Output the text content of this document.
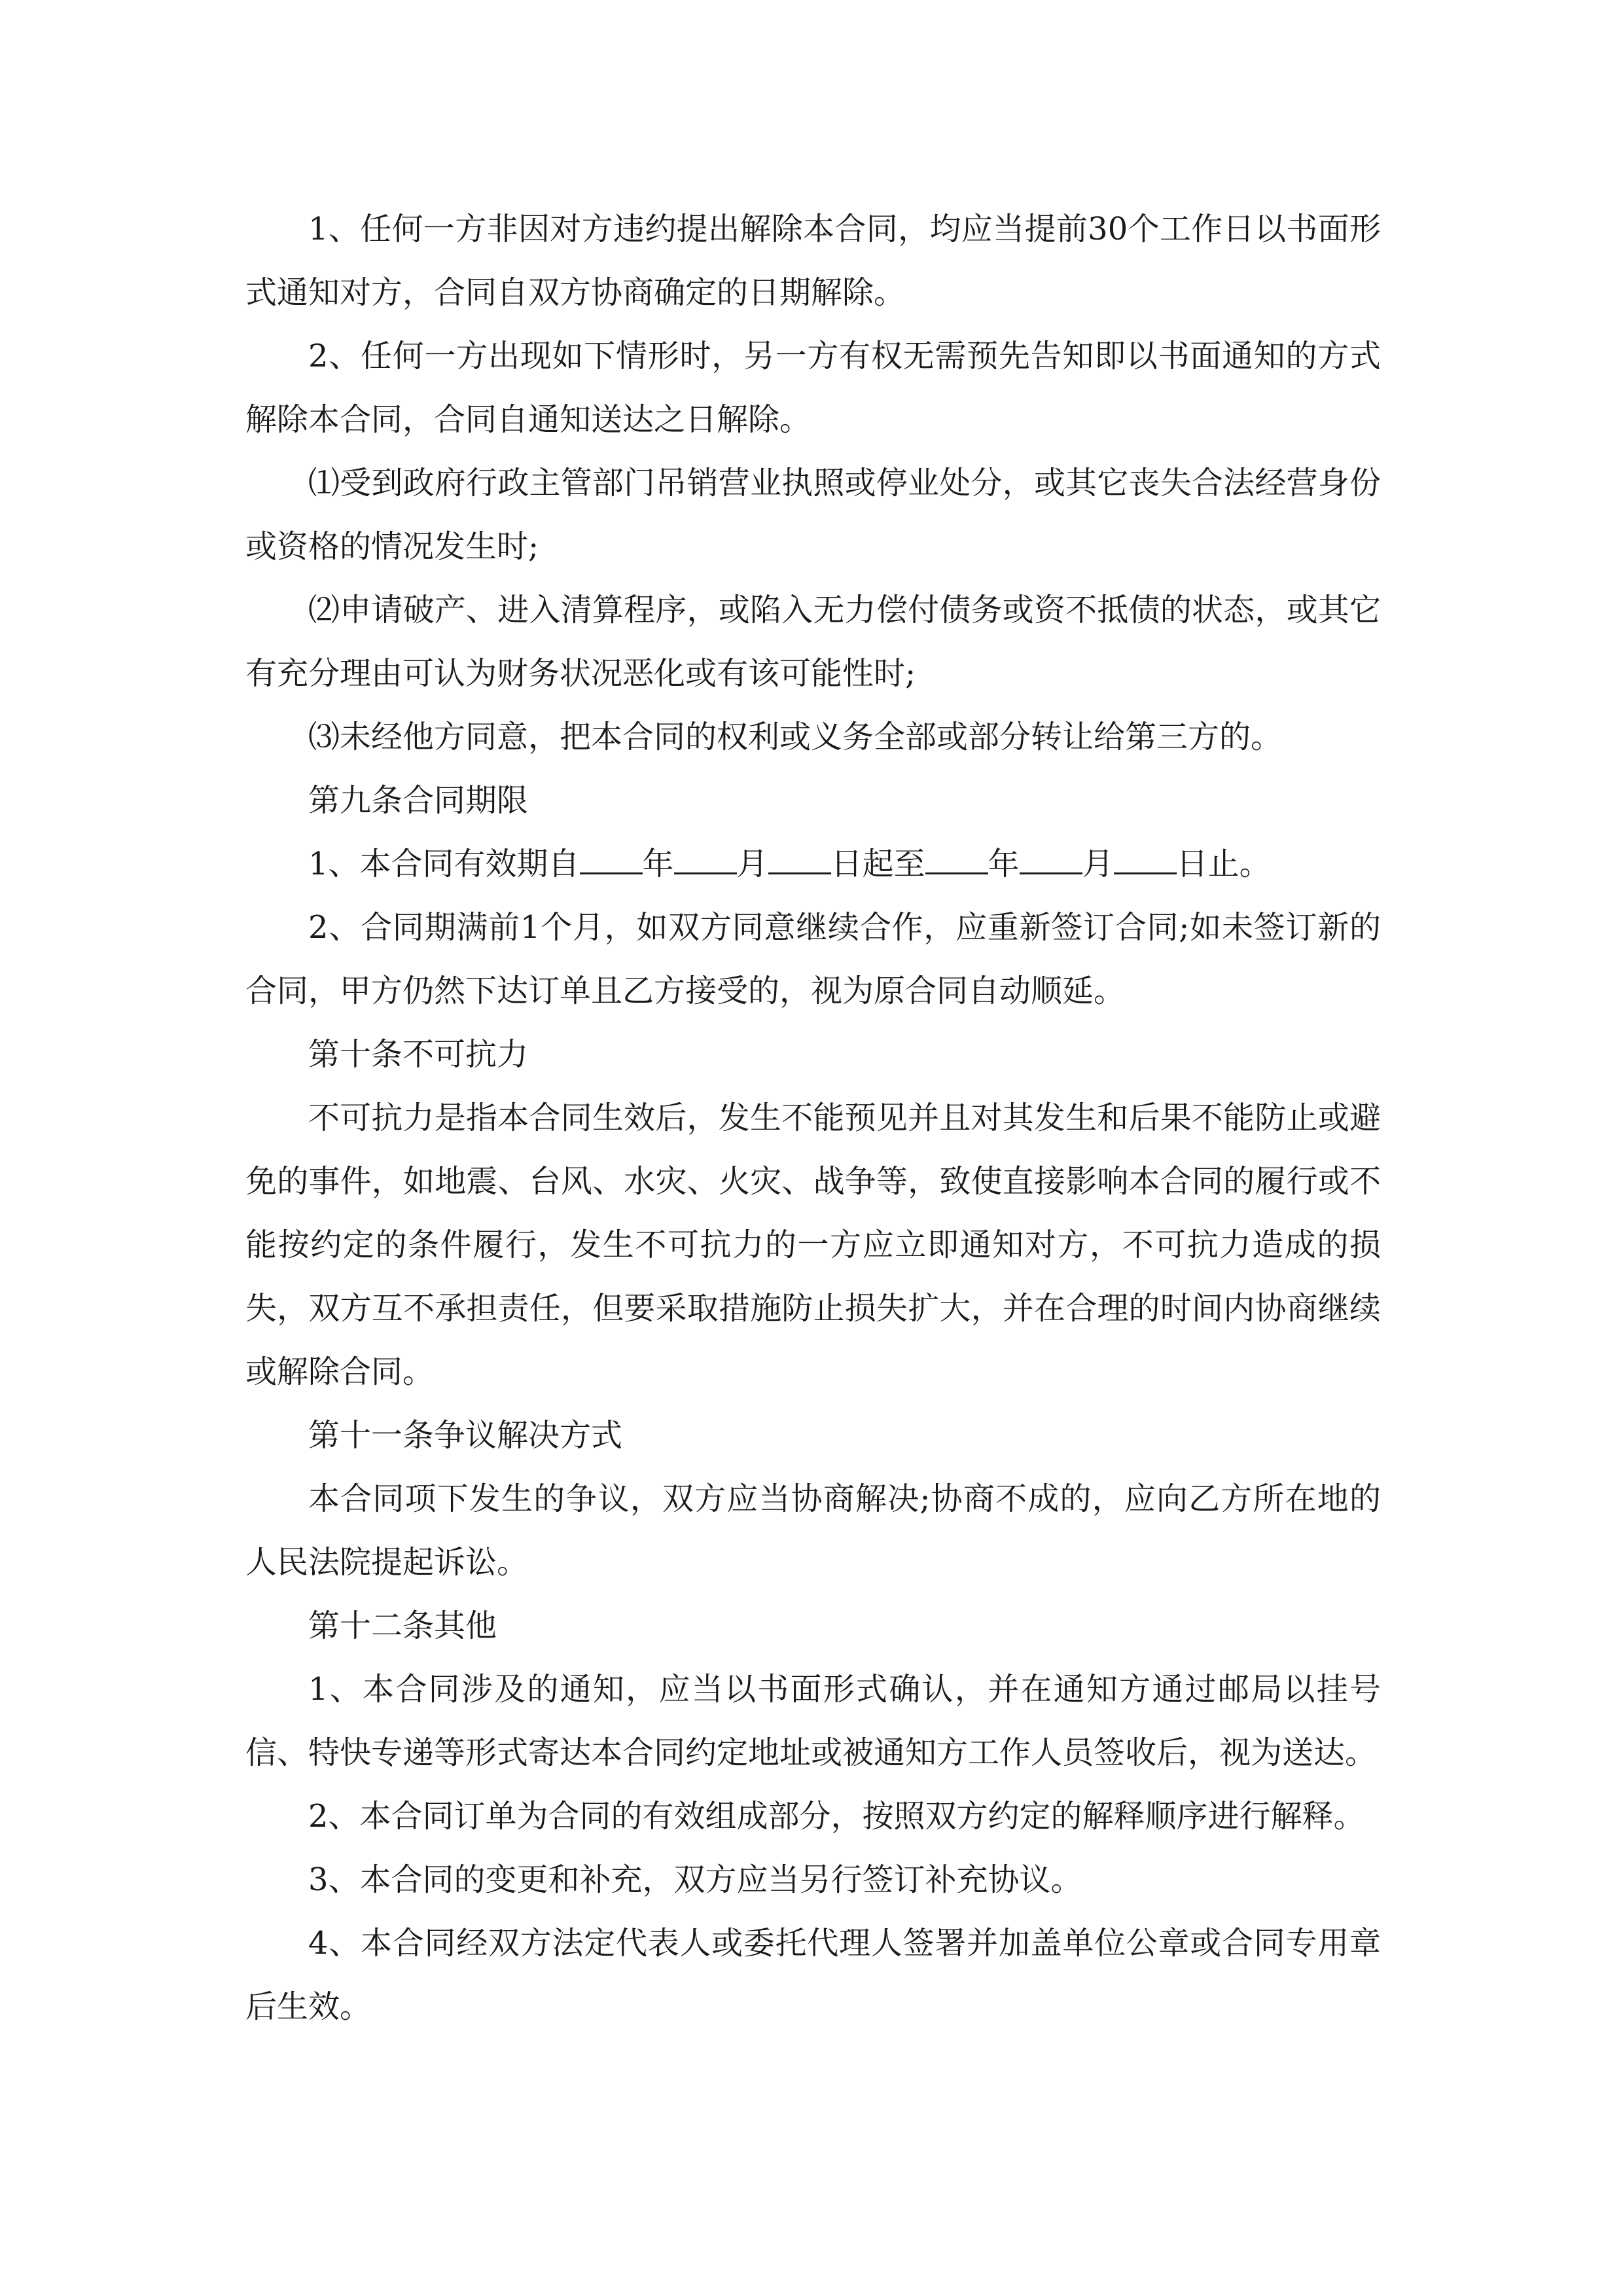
1、任何一方非因对方违约提出解除本合同，均应当提前30个工作日以书面形式通知对方，合同自双方协商确定的日期解除。

2、任何一方出现如下情形时，另一方有权无需预先告知即以书面通知的方式解除本合同，合同自通知送达之日解除。

⑴受到政府行政主管部门吊销营业执照或停业处分，或其它丧失合法经营身份或资格的情况发生时;

⑵申请破产、进入清算程序，或陷入无力偿付债务或资不抵债的状态，或其它有充分理由可认为财务状况恶化或有该可能性时;

⑶未经他方同意，把本合同的权利或义务全部或部分转让给第三方的。

第九条合同期限

1、本合同有效期自 年 月 日起至 年 月 日止。

2、合同期满前1个月，如双方同意继续合作，应重新签订合同;如未签订新的合同，甲方仍然下达订单且乙方接受的，视为原合同自动顺延。

第十条不可抗力

不可抗力是指本合同生效后，发生不能预见并且对其发生和后果不能防止或避免的事件，如地震、台风、水灾、火灾、战争等，致使直接影响本合同的履行或不能按约定的条件履行，发生不可抗力的一方应立即通知对方，不可抗力造成的损失，双方互不承担责任，但要采取措施防止损失扩大，并在合理的时间内协商继续或解除合同。

第十一条争议解决方式

本合同项下发生的争议，双方应当协商解决;协商不成的，应向乙方所在地的人民法院提起诉讼。

第十二条其他

1、本合同涉及的通知，应当以书面形式确认，并在通知方通过邮局以挂号信、特快专递等形式寄达本合同约定地址或被通知方工作人员签收后，视为送达。

2、本合同订单为合同的有效组成部分，按照双方约定的解释顺序进行解释。

3、本合同的变更和补充，双方应当另行签订补充协议。

4、本合同经双方法定代表人或委托代理人签署并加盖单位公章或合同专用章后生效。
